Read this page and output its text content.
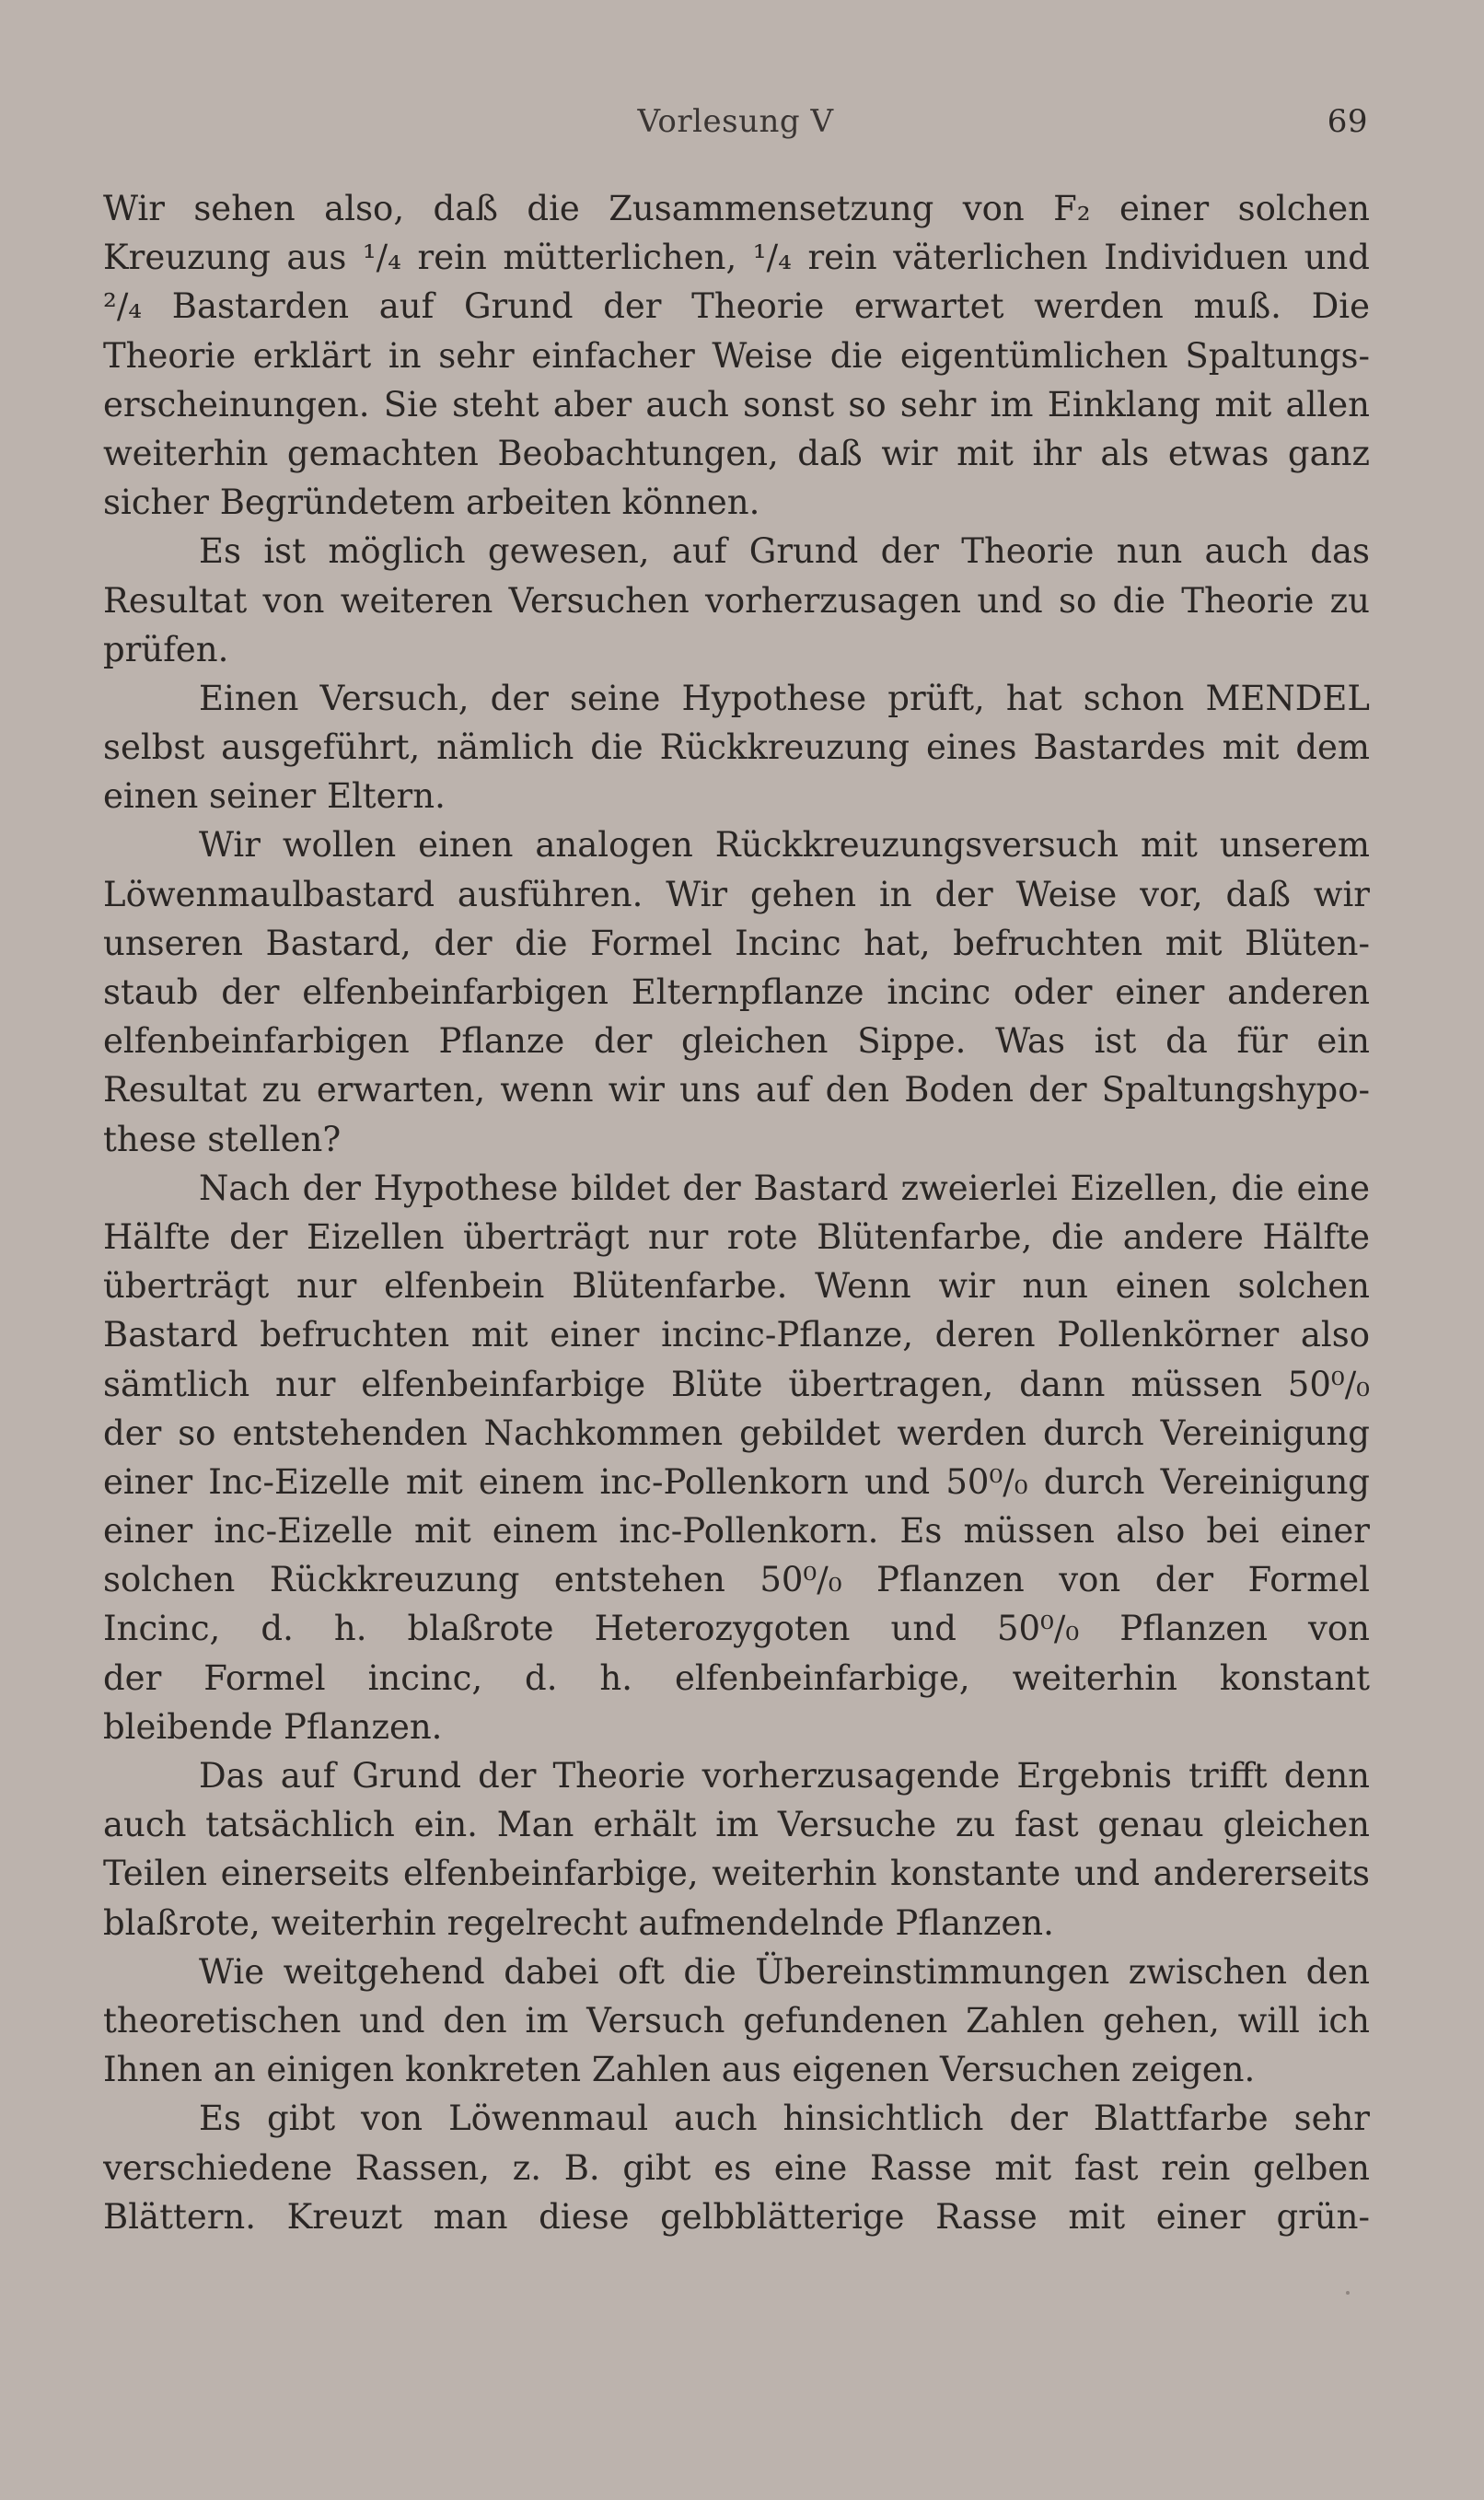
Vorlesung V	69
Wir sehen also, daß die Zusammensetzung von F₂ einer solchen
Kreuzung aus ¹/₄ rein mütterlichen, ¹/₄ rein väterlichen Individuen und
²/₄ Bastarden auf Grund der Theorie erwartet werden muß. Die
Theorie erklärt in sehr einfacher Weise die eigentümlichen Spaltungs-
erscheinungen. Sie steht aber auch sonst so sehr im Einklang mit allen
weiterhin gemachten Beobachtungen, daß wir mit ihr als etwas ganz
sicher Begründetem arbeiten können.
Es ist möglich gewesen, auf Grund der Theorie nun auch das
Resultat von weiteren Versuchen vorherzusagen und so die Theorie zu
prüfen.
Einen Versuch, der seine Hypothese prüft, hat schon MENDEL
selbst ausgeführt, nämlich die Rückkreuzung eines Bastardes mit dem
einen seiner Eltern.
Wir wollen einen analogen Rückkreuzungsversuch mit unserem
Löwenmaulbastard ausführen. Wir gehen in der Weise vor, daß wir
unseren Bastard, der die Formel Incinc hat, befruchten mit Blüten-
staub der elfenbeinfarbigen Elternpflanze incinc oder einer anderen
elfenbeinfarbigen Pflanze der gleichen Sippe. Was ist da für ein
Resultat zu erwarten, wenn wir uns auf den Boden der Spaltungshypo-
these stellen?
Nach der Hypothese bildet der Bastard zweierlei Eizellen, die eine
Hälfte der Eizellen überträgt nur rote Blütenfarbe, die andere Hälfte
überträgt nur elfenbein Blütenfarbe. Wenn wir nun einen solchen
Bastard befruchten mit einer incinc-Pflanze, deren Pollenkörner also
sämtlich nur elfenbeinfarbige Blüte übertragen, dann müssen 50⁰/₀
der so entstehenden Nachkommen gebildet werden durch Vereinigung
einer Inc-Eizelle mit einem inc-Pollenkorn und 50⁰/₀ durch Vereinigung
einer inc-Eizelle mit einem inc-Pollenkorn. Es müssen also bei einer
solchen Rückkreuzung entstehen 50⁰/₀ Pflanzen von der Formel
Incinc, d. h. blaßrote Heterozygoten und 50⁰/₀ Pflanzen von
der Formel incinc, d. h. elfenbeinfarbige, weiterhin konstant
bleibende Pflanzen.
Das auf Grund der Theorie vorherzusagende Ergebnis trifft denn
auch tatsächlich ein. Man erhält im Versuche zu fast genau gleichen
Teilen einerseits elfenbeinfarbige, weiterhin konstante und andererseits
blaßrote, weiterhin regelrecht aufmendelnde Pflanzen.
Wie weitgehend dabei oft die Übereinstimmungen zwischen den
theoretischen und den im Versuch gefundenen Zahlen gehen, will ich
Ihnen an einigen konkreten Zahlen aus eigenen Versuchen zeigen.
Es gibt von Löwenmaul auch hinsichtlich der Blattfarbe sehr
verschiedene Rassen, z. B. gibt es eine Rasse mit fast rein gelben
Blättern. Kreuzt man diese gelbblätterige Rasse mit einer grün-
